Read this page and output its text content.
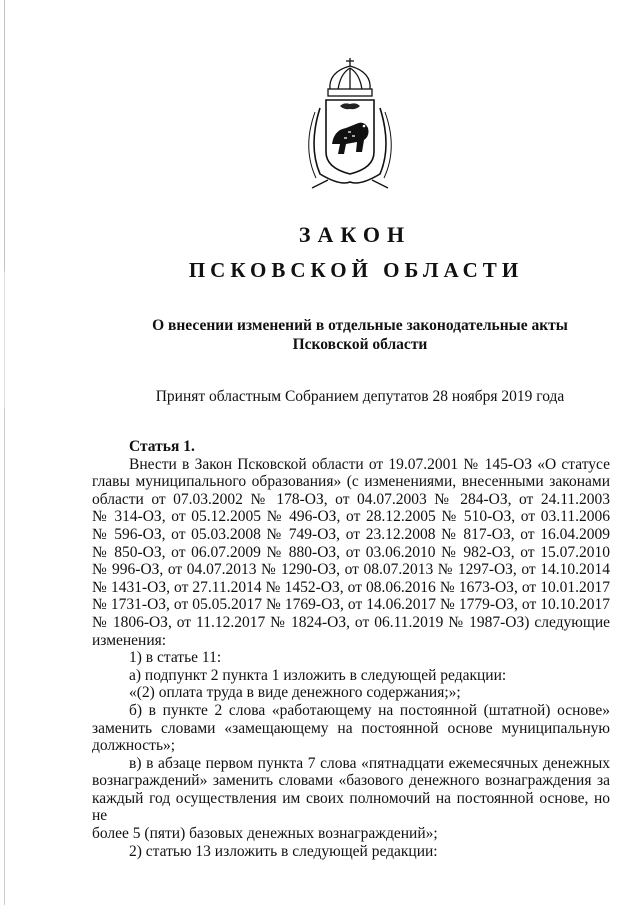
ЗАКОН
ПСКОВСКОЙ ОБЛАСТИ
О внесении изменений в отдельные законодательные акты
Псковской области
Принят областным Собранием депутатов 28 ноября 2019 года

Статья 1.

Внести в Закон Псковской области от 19.07.2001 № 145-ОЗ «О статусе

главы муниципального образования» (с изменениями, внесенными законами

области от 07.03.2002 № 178-ОЗ, от 04.07.2003 № 284-ОЗ, от 24.11.2003

№ 314-ОЗ, от 05.12.2005 № 496-ОЗ, от 28.12.2005 № 510-ОЗ, от 03.11.2006

№ 596-ОЗ, от 05.03.2008 № 749-ОЗ, от 23.12.2008 № 817-ОЗ, от 16.04.2009

№ 850-ОЗ, от 06.07.2009 № 880-ОЗ, от 03.06.2010 № 982-ОЗ, от 15.07.2010

№ 996-ОЗ, от 04.07.2013 № 1290-ОЗ, от 08.07.2013 № 1297-ОЗ, от 14.10.2014

№ 1431-ОЗ, от 27.11.2014 № 1452-ОЗ, от 08.06.2016 № 1673-ОЗ, от 10.01.2017

№ 1731-ОЗ, от 05.05.2017 № 1769-ОЗ, от 14.06.2017 № 1779-ОЗ, от 10.10.2017

№ 1806-ОЗ, от 11.12.2017 № 1824-ОЗ, от 06.11.2019 № 1987-ОЗ) следующие

изменения:

1) в статье 11:

а) подпункт 2 пункта 1 изложить в следующей редакции:

«(2) оплата труда в виде денежного содержания;»;

б) в пункте 2 слова «работающему на постоянной (штатной) основе»

заменить словами «замещающему на постоянной основе муниципальную

должность»;

в) в абзаце первом пункта 7 слова «пятнадцати ежемесячных денежных

вознаграждений» заменить словами «базового денежного вознаграждения за

каждый год осуществления им своих полномочий на постоянной основе, но не

более 5 (пяти) базовых денежных вознаграждений»;

2) статью 13 изложить в следующей редакции:
